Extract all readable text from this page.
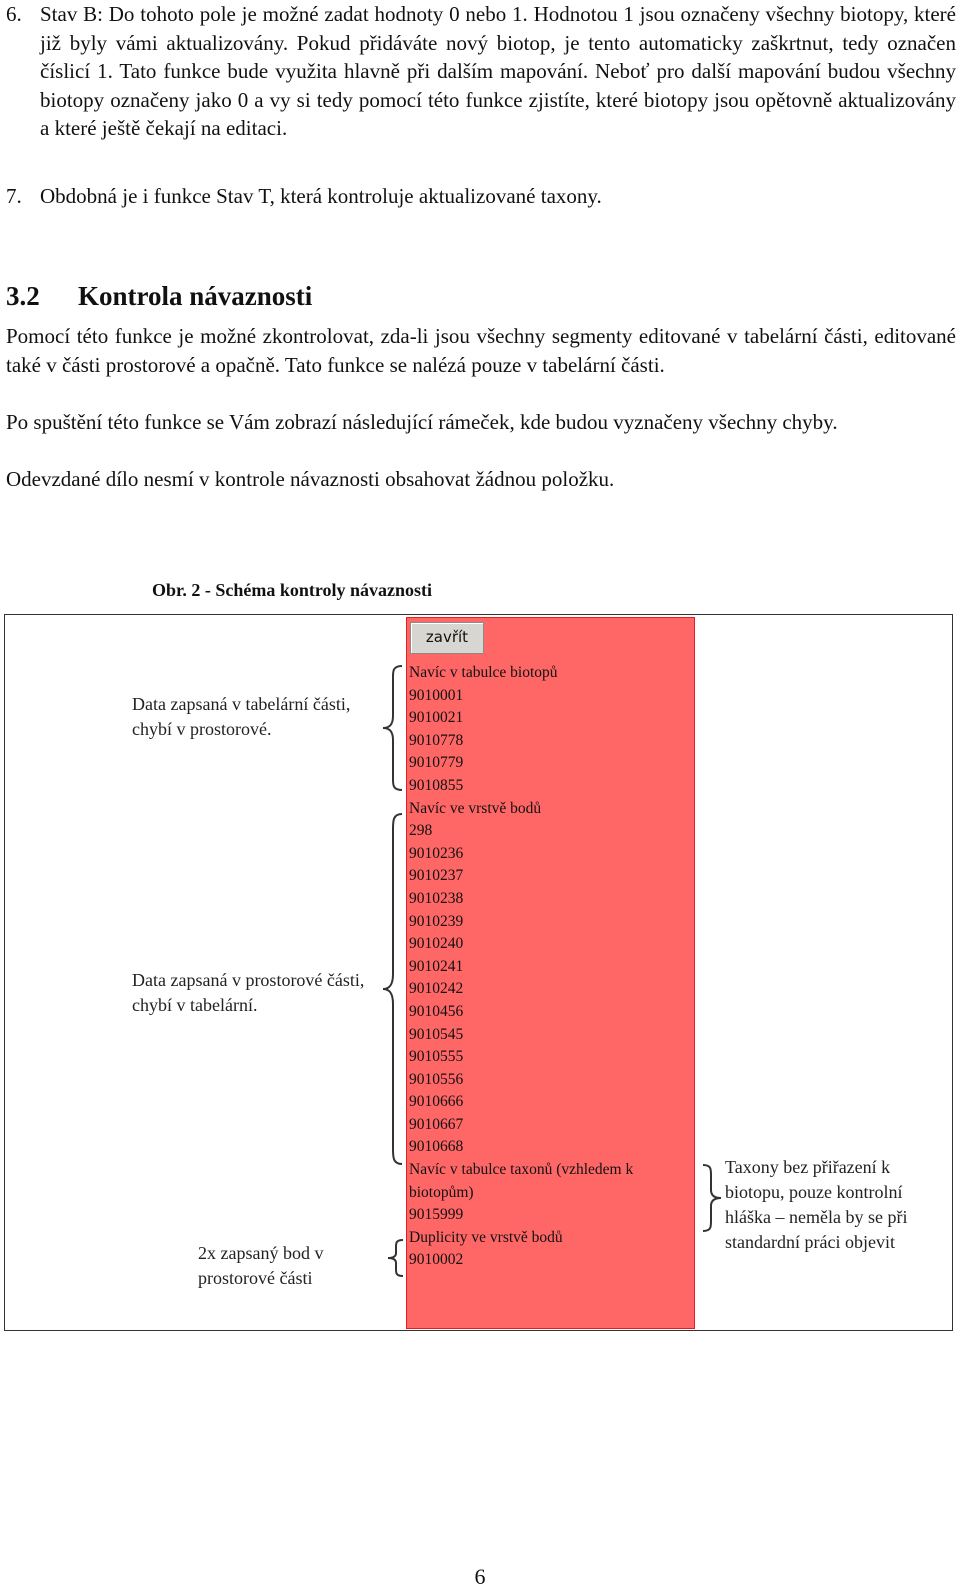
6. Stav B: Do tohoto pole je možné zadat hodnoty 0 nebo 1. Hodnotou 1 jsou označeny všechny biotopy, které již byly vámi aktualizovány. Pokud přidáváte nový biotop, je tento automaticky zaškrtnut, tedy označen číslicí 1. Tato funkce bude využita hlavně při dalším mapování. Neboť pro další mapování budou všechny biotopy označeny jako 0 a vy si tedy pomocí této funkce zjistíte, které biotopy jsou opětovně aktualizovány a které ještě čekají na editaci.
7. Obdobná je i funkce Stav T, která kontroluje aktualizované taxony.
3.2 Kontrola návaznosti

Pomocí této funkce je možné zkontrolovat, zda-li jsou všechny segmenty editované v tabelární části, editované také v části prostorové a opačně. Tato funkce se nalézá pouze v tabelární části.

Po spuštění této funkce se Vám zobrazí následující rámeček, kde budou vyznačeny všechny chyby.

Odevzdané dílo nesmí v kontrole návaznosti obsahovat žádnou položku.

Obr. 2 - Schéma kontroly návaznosti

zavřít
Navíc v tabulce biotopů
9010001
9010021
9010778
9010779
9010855
Navíc ve vrstvě bodů
298
9010236
9010237
9010238
9010239
9010240
9010241
9010242
9010456
9010545
9010555
9010556
9010666
9010667
9010668
Navíc v tabulce taxonů (vzhledem k biotopům)
9015999
Duplicity ve vrstvě bodů
9010002

Data zapsaná v tabelární části, chybí v prostorové.

Data zapsaná v prostorové části, chybí v tabelární.

Taxony bez přiřazení k biotopu, pouze kontrolní hláška – neměla by se při standardní práci objevit

2x zapsaný bod v prostorové části

6
